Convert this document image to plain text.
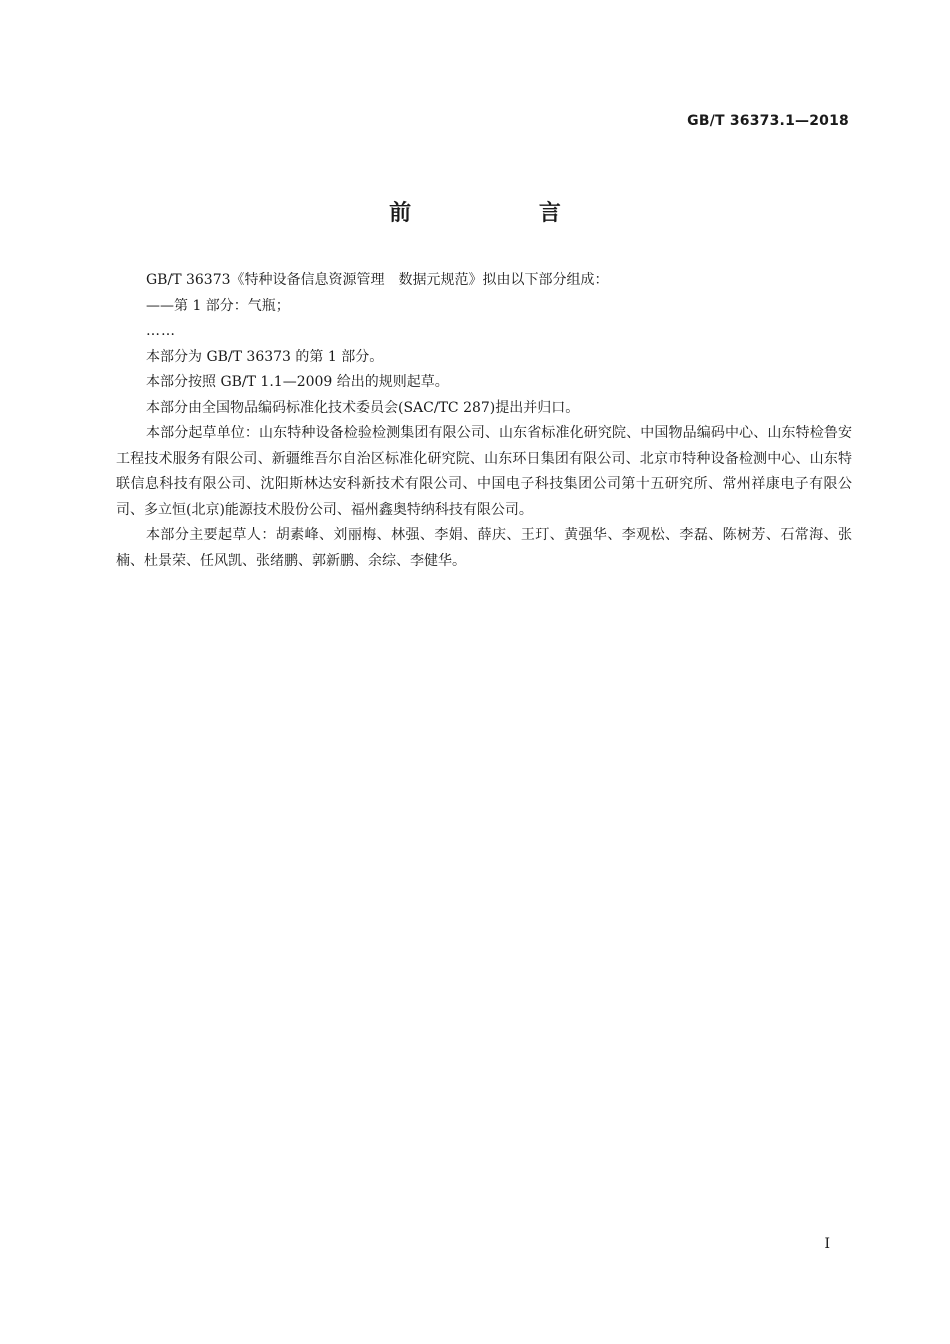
GB/T 36373.1—2018
前 言

GB/T 36373《特种设备信息资源管理　数据元规范》拟由以下部分组成：

——第 1 部分：气瓶；

……

本部分为 GB/T 36373 的第 1 部分。

本部分按照 GB/T 1.1—2009 给出的规则起草。

本部分由全国物品编码标准化技术委员会(SAC/TC 287)提出并归口。

本部分起草单位：山东特种设备检验检测集团有限公司、山东省标准化研究院、中国物品编码中心、山东特检鲁安工程技术服务有限公司、新疆维吾尔自治区标准化研究院、山东环日集团有限公司、北京市特种设备检测中心、山东特联信息科技有限公司、沈阳斯林达安科新技术有限公司、中国电子科技集团公司第十五研究所、常州祥康电子有限公司、多立恒(北京)能源技术股份公司、福州鑫奥特纳科技有限公司。

本部分主要起草人：胡素峰、刘丽梅、林强、李娟、薛庆、王玎、黄强华、李观松、李磊、陈树芳、石常海、张楠、杜景荣、任风凯、张绪鹏、郭新鹏、余综、李健华。

I
